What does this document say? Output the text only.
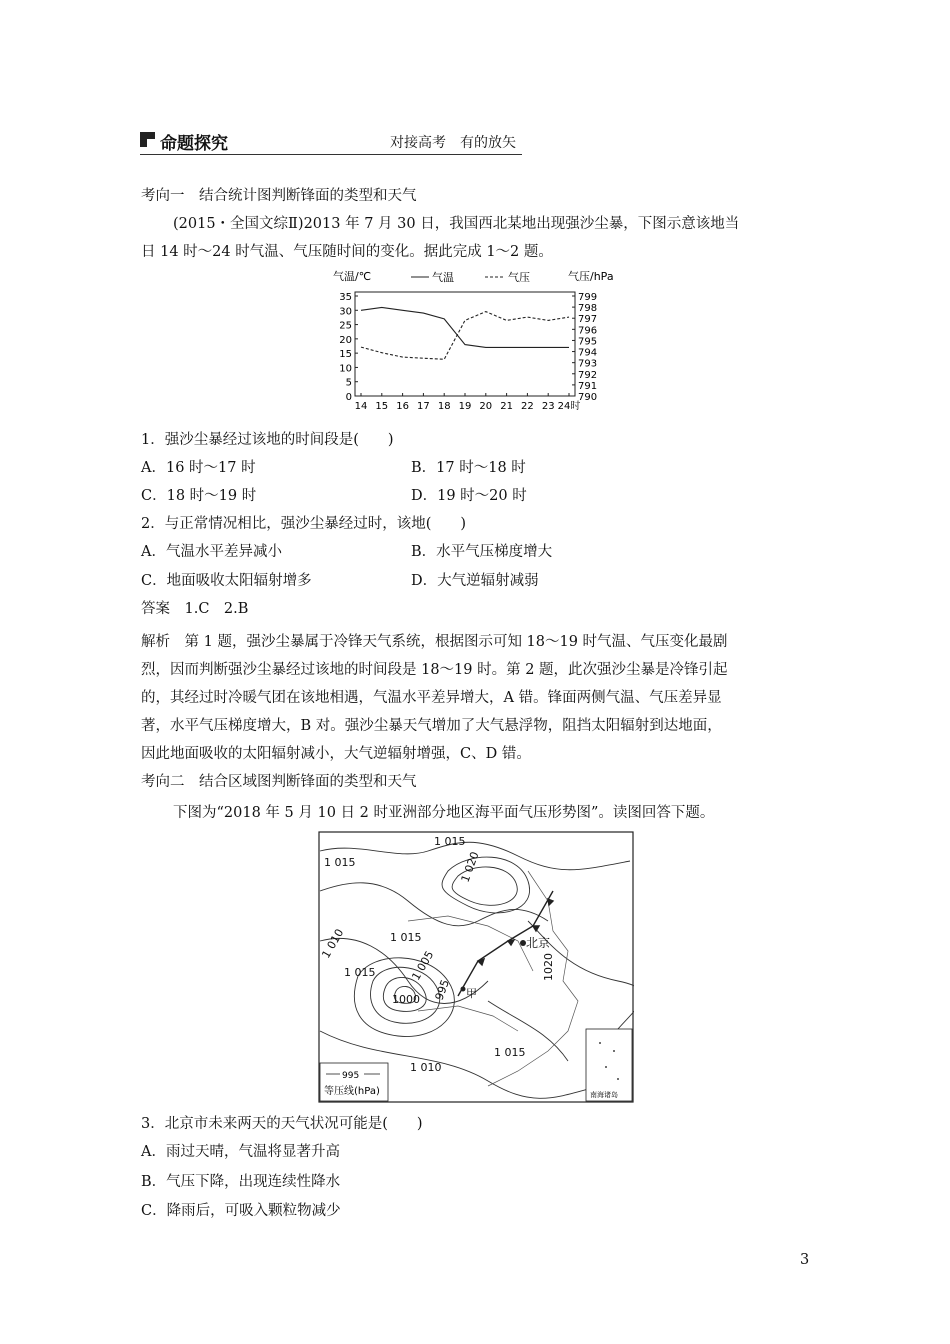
命题探究	对接高考　有的放矢
考向一　结合统计图判断锋面的类型和天气
(2015・全国文综Ⅱ)2013 年 7 月 30 日，我国西北某地出现强沙尘暴，下图示意该地当
日 14 时～24 时气温、气压随时间的变化。据此完成 1～2 题。
气温/℃	气压/hPa
气温	气压
35
30
25
20
15
10
5
0
799
798
797
796
795
794
793
792
791
790
14 15 16 17 18 19 20 21 22 23 24时
1．强沙尘暴经过该地的时间段是(　　)
A．16 时～17 时	B．17 时～18 时
C．18 时～19 时	D．19 时～20 时
2．与正常情况相比，强沙尘暴经过时，该地(　　)
A．气温水平差异减小	B．水平气压梯度增大
C．地面吸收太阳辐射增多	D．大气逆辐射减弱
答案　1.C　2.B
解析　第 1 题，强沙尘暴属于冷锋天气系统，根据图示可知 18～19 时气温、气压变化最剧
烈，因而判断强沙尘暴经过该地的时间段是 18～19 时。第 2 题，此次强沙尘暴是冷锋引起
的，其经过时冷暖气团在该地相遇，气温水平差异增大，A 错。锋面两侧气温、气压差异显
著，水平气压梯度增大，B 对。强沙尘暴天气增加了大气悬浮物，阻挡太阳辐射到达地面，
因此地面吸收的太阳辐射减小，大气逆辐射增强，C、D 错。
考向二　结合区域图判断锋面的类型和天气
下图为“2018 年 5 月 10 日 2 时亚洲部分地区海平面气压形势图”。读图回答下题。
1 015
1 015	1 020
1 015
1 010
1 015	1 005
1000 995
1020
1 015
1 010
北京
甲
995
等压线(hPa)	南海诸岛
3．北京市未来两天的天气状况可能是(　　)
A．雨过天晴，气温将显著升高
B．气压下降，出现连续性降水
C．降雨后，可吸入颗粒物减少
3
